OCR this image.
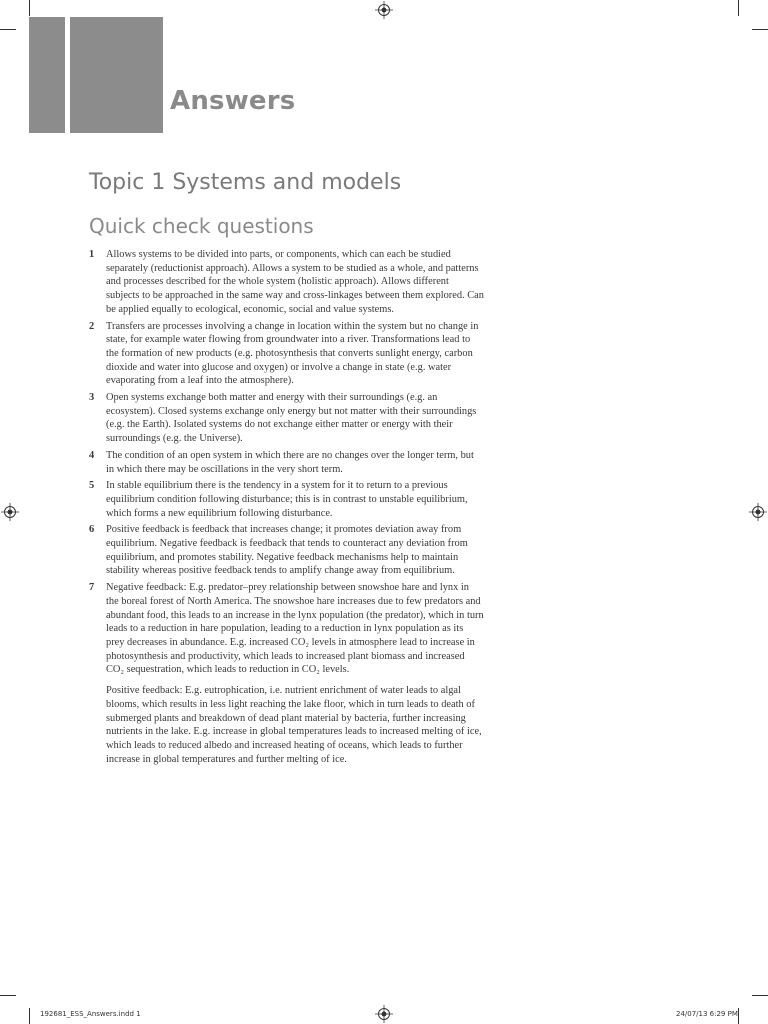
Answers
Topic 1 Systems and models
Quick check questions
1	Allows systems to be divided into parts, or components, which can each be studied separately (reductionist approach). Allows a system to be studied as a whole, and patterns and processes described for the whole system (holistic approach). Allows different subjects to be approached in the same way and cross-linkages between them explored. Can be applied equally to ecological, economic, social and value systems.

2	Transfers are processes involving a change in location within the system but no change in state, for example water flowing from groundwater into a river. Transformations lead to the formation of new products (e.g. photosynthesis that converts sunlight energy, carbon dioxide and water into glucose and oxygen) or involve a change in state (e.g. water evaporating from a leaf into the atmosphere).

3	Open systems exchange both matter and energy with their surroundings (e.g. an ecosystem). Closed systems exchange only energy but not matter with their surroundings (e.g. the Earth). Isolated systems do not exchange either matter or energy with their surroundings (e.g. the Universe).

4	The condition of an open system in which there are no changes over the longer term, but in which there may be oscillations in the very short term.

5	In stable equilibrium there is the tendency in a system for it to return to a previous equilibrium condition following disturbance; this is in contrast to unstable equilibrium, which forms a new equilibrium following disturbance.

6	Positive feedback is feedback that increases change; it promotes deviation away from equilibrium. Negative feedback is feedback that tends to counteract any deviation from equilibrium, and promotes stability. Negative feedback mechanisms help to maintain stability whereas positive feedback tends to amplify change away from equilibrium.

7	Negative feedback: E.g. predator–prey relationship between snowshoe hare and lynx in the boreal forest of North America. The snowshoe hare increases due to few predators and abundant food, this leads to an increase in the lynx population (the predator), which in turn leads to a reduction in hare population, leading to a reduction in lynx population as its prey decreases in abundance. E.g. increased CO₂ levels in atmosphere lead to increase in photosynthesis and productivity, which leads to increased plant biomass and increased CO₂ sequestration, which leads to reduction in CO₂ levels.

Positive feedback: E.g. eutrophication, i.e. nutrient enrichment of water leads to algal blooms, which results in less light reaching the lake floor, which in turn leads to death of submerged plants and breakdown of dead plant material by bacteria, further increasing nutrients in the lake. E.g. increase in global temperatures leads to increased melting of ice, which leads to reduced albedo and increased heating of oceans, which leads to further increase in global temperatures and further melting of ice.

192681_ESS_Answers.indd 1	24/07/13 6:29 PM
